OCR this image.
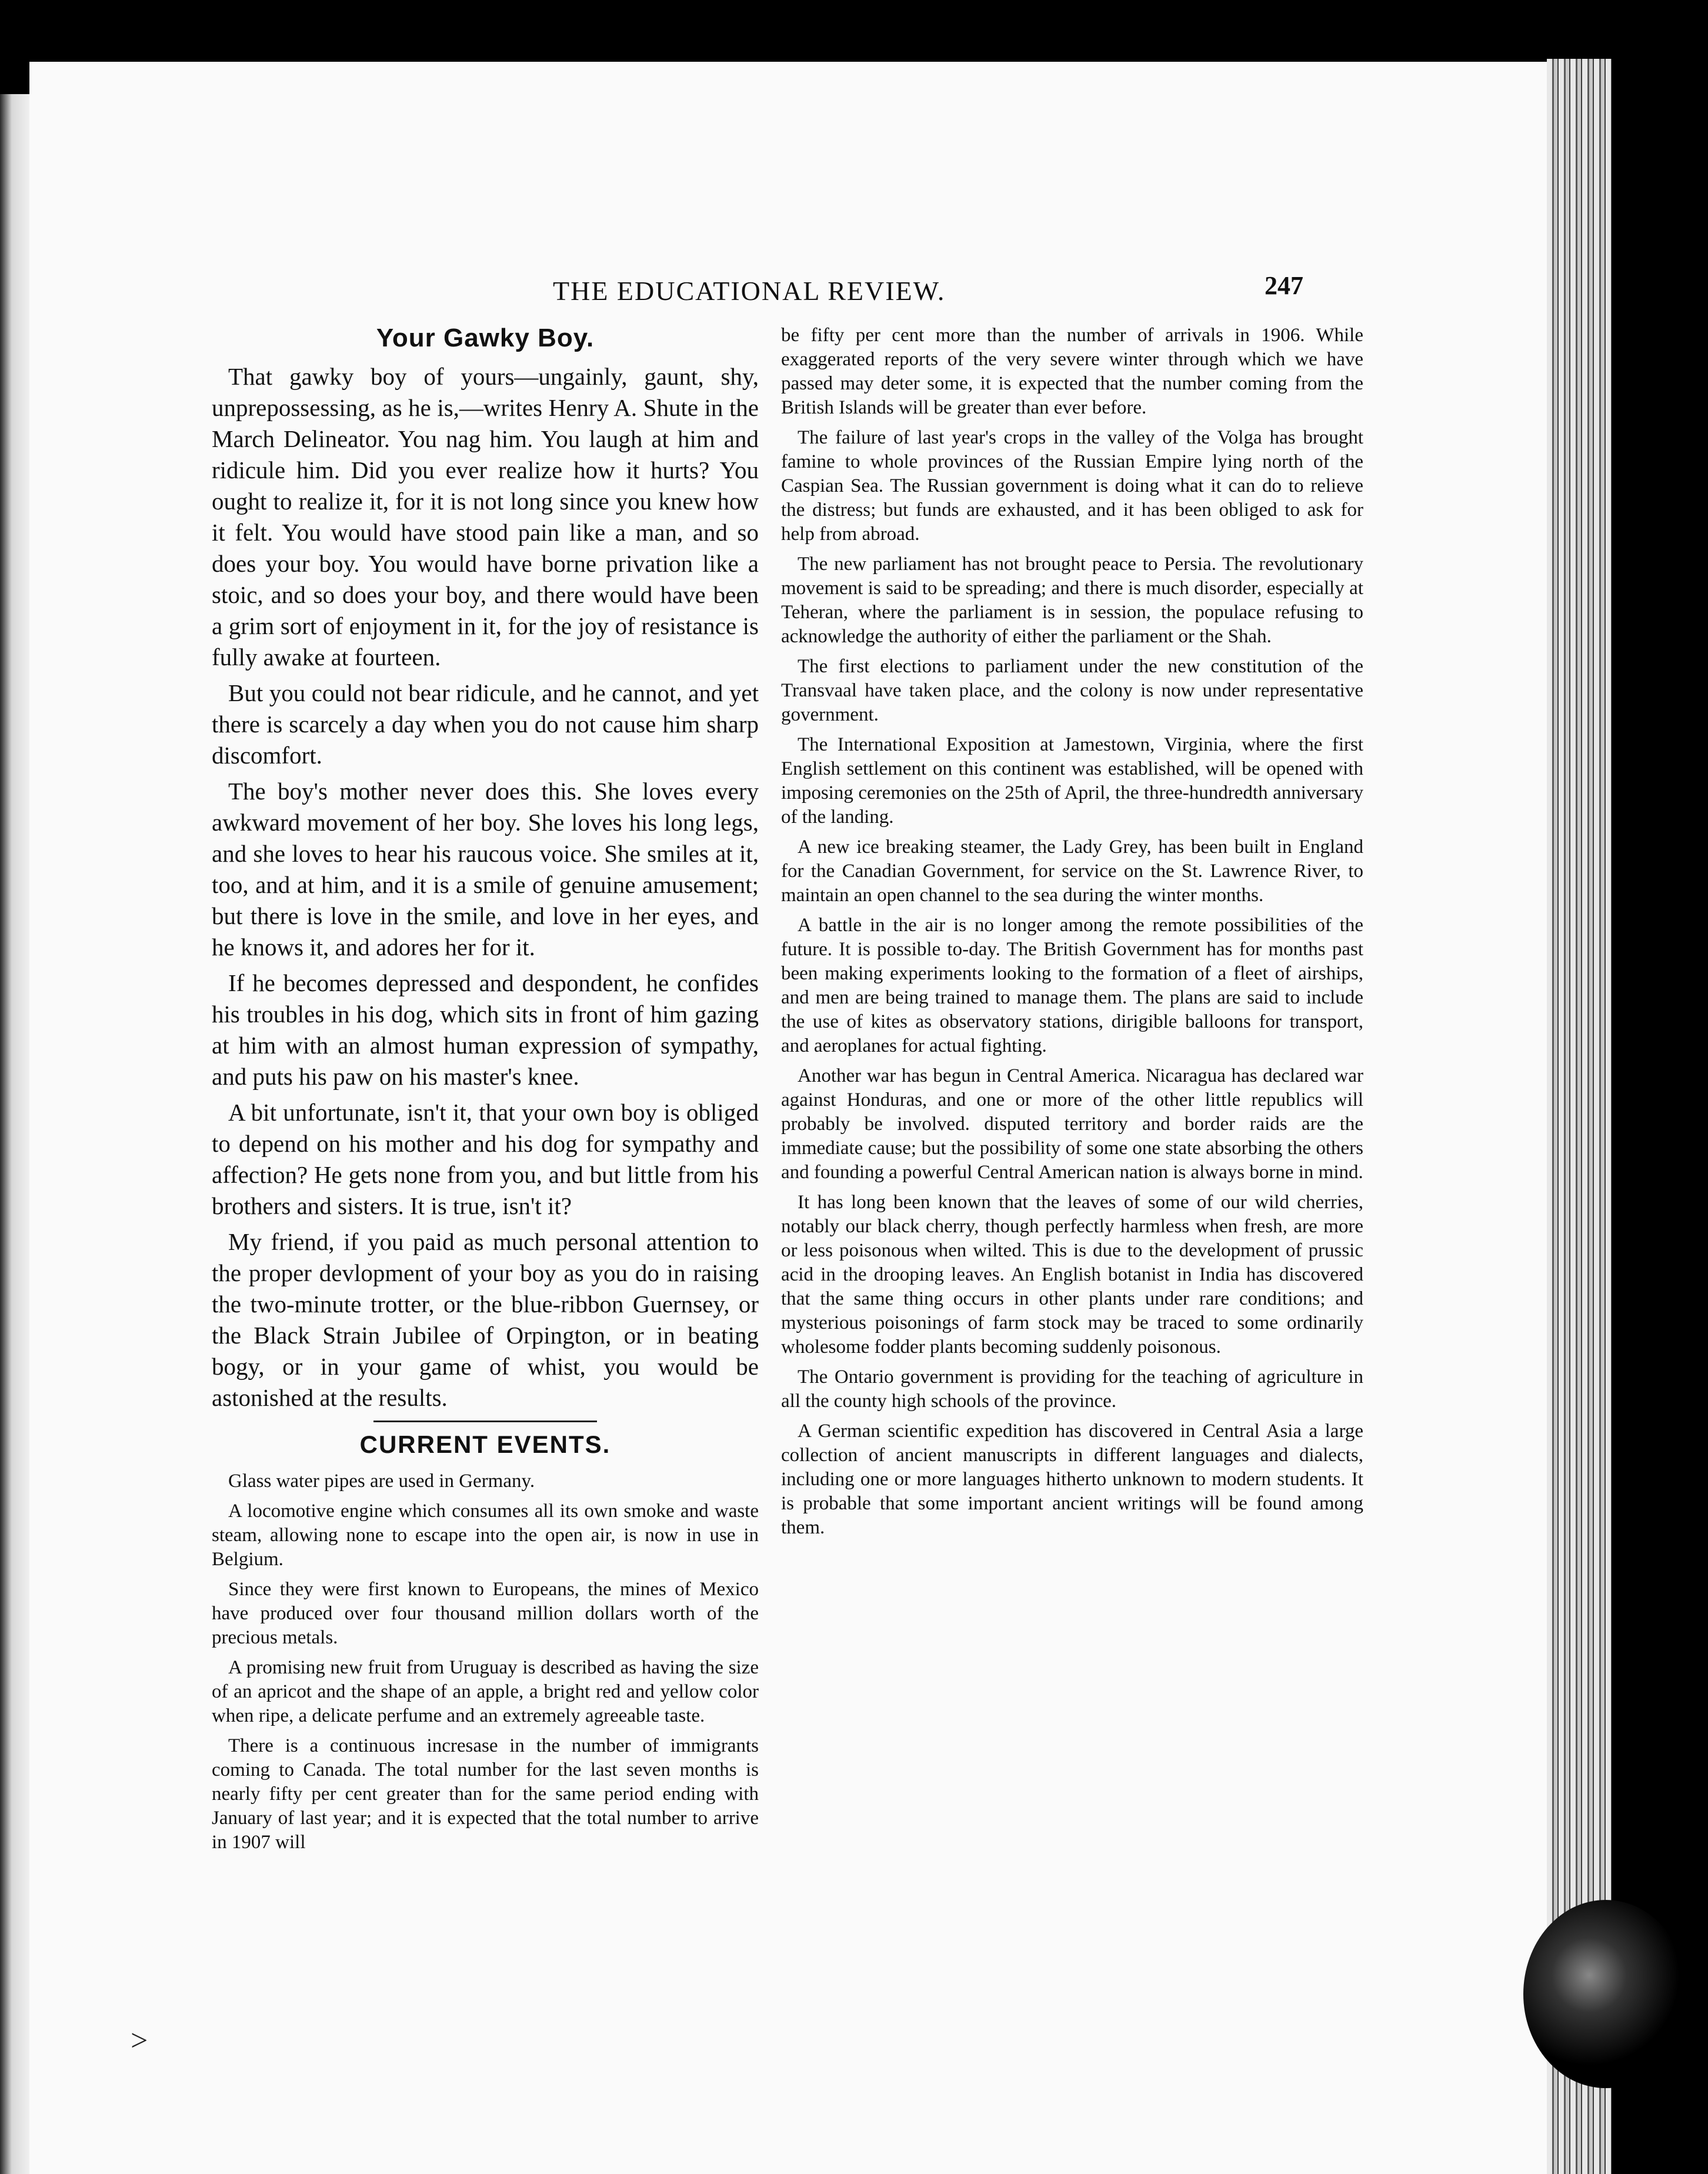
THE EDUCATIONAL REVIEW.	247
Your Gawky Boy.

That gawky boy of yours—ungainly, gaunt, shy, unprepossessing, as he is,—writes Henry A. Shute in the March Delineator. You nag him. You laugh at him and ridicule him. Did you ever realize how it hurts? You ought to realize it, for it is not long since you knew how it felt. You would have stood pain like a man, and so does your boy. You would have borne privation like a stoic, and so does your boy, and there would have been a grim sort of enjoyment in it, for the joy of resistance is fully awake at fourteen.

But you could not bear ridicule, and he cannot, and yet there is scarcely a day when you do not cause him sharp discomfort.

The boy's mother never does this. She loves every awkward movement of her boy. She loves his long legs, and she loves to hear his raucous voice. She smiles at it, too, and at him, and it is a smile of genuine amusement; but there is love in the smile, and love in her eyes, and he knows it, and adores her for it.

If he becomes depressed and despondent, he confides his troubles in his dog, which sits in front of him gazing at him with an almost human expression of sympathy, and puts his paw on his master's knee.

A bit unfortunate, isn't it, that your own boy is obliged to depend on his mother and his dog for sympathy and affection? He gets none from you, and but little from his brothers and sisters. It is true, isn't it?

My friend, if you paid as much personal attention to the proper devlopment of your boy as you do in raising the two-minute trotter, or the blue-ribbon Guernsey, or the Black Strain Jubilee of Orpington, or in beating bogy, or in your game of whist, you would be astonished at the results.

CURRENT EVENTS.

Glass water pipes are used in Germany.

A locomotive engine which consumes all its own smoke and waste steam, allowing none to escape into the open air, is now in use in Belgium.

Since they were first known to Europeans, the mines of Mexico have produced over four thousand million dollars worth of the precious metals.

A promising new fruit from Uruguay is described as having the size of an apricot and the shape of an apple, a bright red and yellow color when ripe, a delicate perfume and an extremely agreeable taste.

There is a continuous incresase in the number of immigrants coming to Canada. The total number for the last seven months is nearly fifty per cent greater than for the same period ending with January of last year; and it is expected that the total number to arrive in 1907 will

be fifty per cent more than the number of arrivals in 1906. While exaggerated reports of the very severe winter through which we have passed may deter some, it is expected that the number coming from the British Islands will be greater than ever before.

The failure of last year's crops in the valley of the Volga has brought famine to whole provinces of the Russian Empire lying north of the Caspian Sea. The Russian government is doing what it can do to relieve the distress; but funds are exhausted, and it has been obliged to ask for help from abroad.

The new parliament has not brought peace to Persia. The revolutionary movement is said to be spreading; and there is much disorder, especially at Teheran, where the parliament is in session, the populace refusing to acknowledge the authority of either the parliament or the Shah.

The first elections to parliament under the new constitution of the Transvaal have taken place, and the colony is now under representative government.

The International Exposition at Jamestown, Virginia, where the first English settlement on this continent was established, will be opened with imposing ceremonies on the 25th of April, the three-hundredth anniversary of the landing.

A new ice breaking steamer, the Lady Grey, has been built in England for the Canadian Government, for service on the St. Lawrence River, to maintain an open channel to the sea during the winter months.

A battle in the air is no longer among the remote possibilities of the future. It is possible to-day. The British Government has for months past been making experiments looking to the formation of a fleet of airships, and men are being trained to manage them. The plans are said to include the use of kites as observatory stations, dirigible balloons for transport, and aeroplanes for actual fighting.

Another war has begun in Central America. Nicaragua has declared war against Honduras, and one or more of the other little republics will probably be involved. disputed territory and border raids are the immediate cause; but the possibility of some one state absorbing the others and founding a powerful Central American nation is always borne in mind.

It has long been known that the leaves of some of our wild cherries, notably our black cherry, though perfectly harmless when fresh, are more or less poisonous when wilted. This is due to the development of prussic acid in the drooping leaves. An English botanist in India has discovered that the same thing occurs in other plants under rare conditions; and mysterious poisonings of farm stock may be traced to some ordinarily wholesome fodder plants becoming suddenly poisonous.

The Ontario government is providing for the teaching of agriculture in all the county high schools of the province.

A German scientific expedition has discovered in Central Asia a large collection of ancient manuscripts in different languages and dialects, including one or more languages hitherto unknown to modern students. It is probable that some important ancient writings will be found among them.

>
